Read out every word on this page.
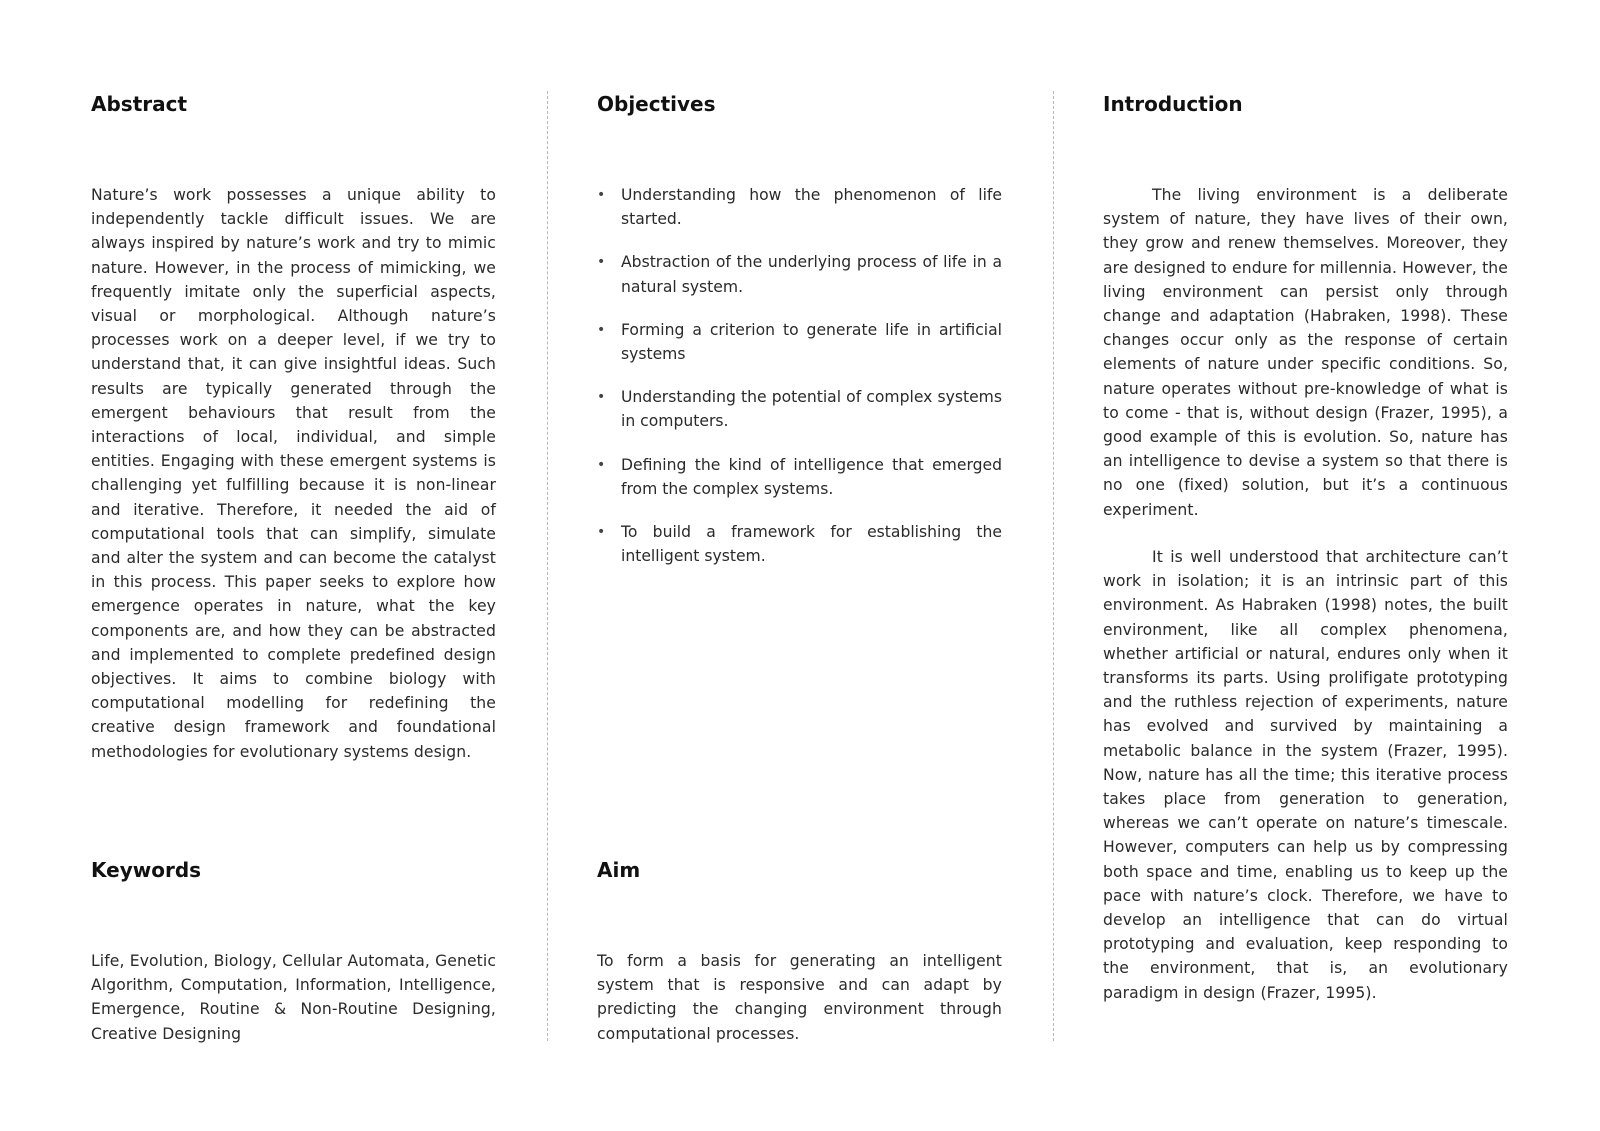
Abstract

Nature’s work possesses a unique ability to independently tackle difficult issues. We are always inspired by nature’s work and try to mimic nature. However, in the process of mimicking, we frequently imitate only the superficial aspects, visual or morphological. Although nature’s processes work on a deeper level, if we try to understand that, it can give insightful ideas. Such results are typically generated through the emergent behaviours that result from the interactions of local, individual, and simple entities. Engaging with these emergent systems is challenging yet fulfilling because it is non-linear and iterative. Therefore, it needed the aid of computational tools that can simplify, simulate and alter the system and can become the catalyst in this process. This paper seeks to explore how emergence operates in nature, what the key components are, and how they can be abstracted and implemented to complete predefined design objectives. It aims to combine biology with computational modelling for redefining the creative design framework and foundational methodologies for evolutionary systems design.

Keywords

Life, Evolution, Biology, Cellular Automata, Genetic Algorithm, Computation, Information, Intelligence, Emergence, Routine & Non-Routine Designing, Creative Designing

Objectives
• Understanding how the phenomenon of life started.
• Abstraction of the underlying process of life in a natural system.
• Forming a criterion to generate life in artificial systems
• Understanding the potential of complex systems in computers.
• Defining the kind of intelligence that emerged from the complex systems.
• To build a framework for establishing the intelligent system.
Aim

To form a basis for generating an intelligent system that is responsive and can adapt by predicting the changing environment through computational processes.

Introduction

The living environment is a deliberate system of nature, they have lives of their own, they grow and renew themselves. Moreover, they are designed to endure for millennia. However, the living environment can persist only through change and adaptation (Habraken, 1998). These changes occur only as the response of certain elements of nature under specific conditions. So, nature operates without pre-knowledge of what is to come - that is, without design (Frazer, 1995), a good example of this is evolution. So, nature has an intelligence to devise a system so that there is no one (fixed) solution, but it’s a continuous experiment.

It is well understood that architecture can’t work in isolation; it is an intrinsic part of this environment. As Habraken (1998) notes, the built environment, like all complex phenomena, whether artificial or natural, endures only when it transforms its parts. Using prolifigate prototyping and the ruthless rejection of experiments, nature has evolved and survived by maintaining a metabolic balance in the system (Frazer, 1995). Now, nature has all the time; this iterative process takes place from generation to generation, whereas we can’t operate on nature’s timescale. However, computers can help us by compressing both space and time, enabling us to keep up the pace with nature’s clock. Therefore, we have to develop an intelligence that can do virtual prototyping and evaluation, keep responding to the environment, that is, an evolutionary paradigm in design (Frazer, 1995).
